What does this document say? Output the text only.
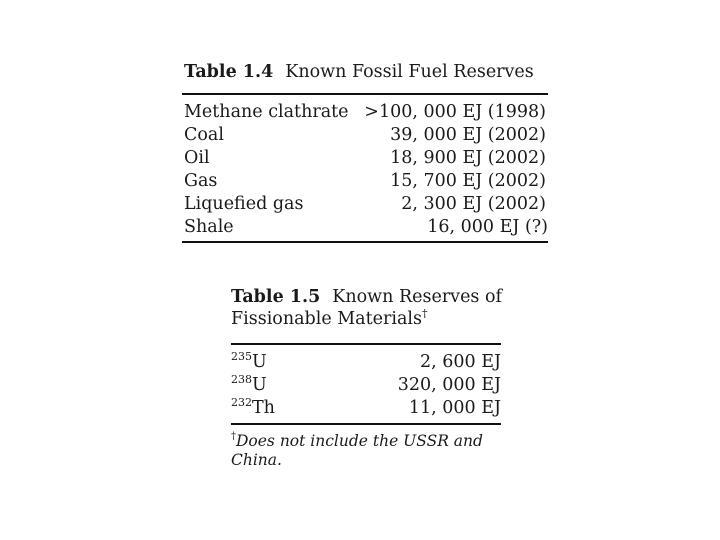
Table 1.4 Known Fossil Fuel Reserves
Methane clathrate >100, 000 EJ (1998)
Coal	39, 000 EJ (2002)
Oil	18, 900 EJ (2002)
Gas	15, 700 EJ (2002)
Liquefied gas	2, 300 EJ (2002)
Shale	16, 000 EJ (?)
Table 1.5 Known Reserves of
Fissionable Materials†
$^{235}$U	2, 600 EJ
$^{238}$U	320, 000 EJ
$^{232}$Th	11, 000 EJ
†Does not include the USSR and China.
